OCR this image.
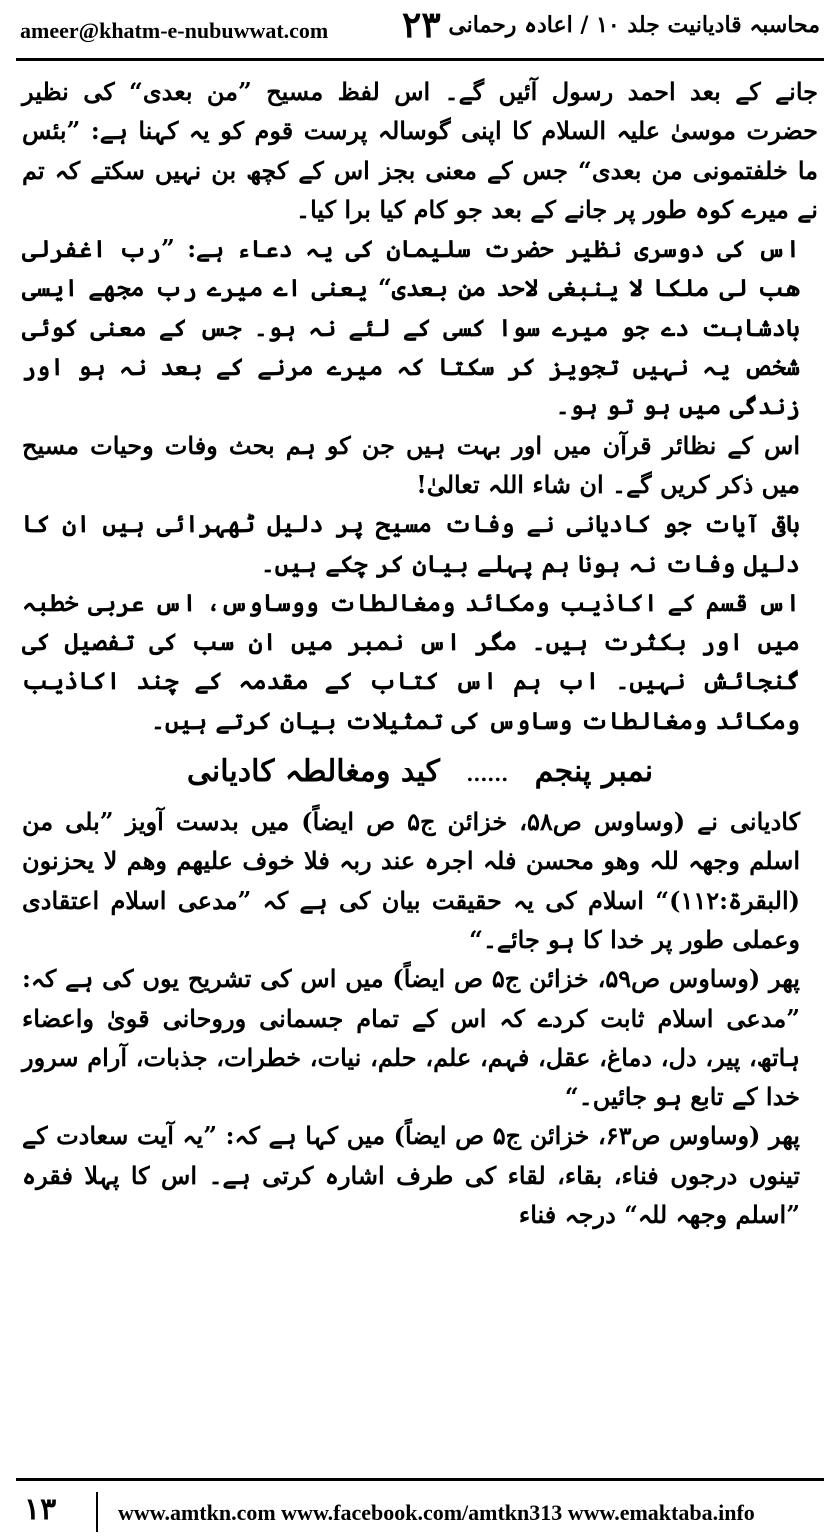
ameer@khatm-e-nubuwwat.com ۲۳ محاسبہ قادیانیت جلد ۱۰ / اعادہ رحمانی

جانے کے بعد احمد رسول آئیں گے۔ اس لفظ مسیح ”من بعدی“ کی نظیر حضرت موسیٰ علیہ السلام کا اپنی گوسالہ پرست قوم کو یہ کہنا ہے: ”بئس ما خلفتمونی من بعدی“ جس کے معنی بجز اس کے کچھ بن نہیں سکتے کہ تم نے میرے کوہ طور پر جانے کے بعد جو کام کیا برا کیا۔

اس کی دوسری نظیر حضرت سلیمان کی یہ دعاء ہے: ”رب اغفرلی ھب لی ملکا لا ینبغی لاحد من بعدی“ یعنی اے میرے رب مجھے ایسی بادشاہت دے جو میرے سوا کسی کے لئے نہ ہو۔ جس کے معنی کوئی شخص یہ نہیں تجویز کر سکتا کہ میرے مرنے کے بعد نہ ہو اور زندگی میں ہو تو ہو۔

اس کے نظائر قرآن میں اور بہت ہیں جن کو ہم بحث وفات وحیات مسیح میں ذکر کریں گے۔ ان شاء اللہ تعالیٰ!

باقی آیات جو کادیانی نے وفات مسیح پر دلیل ٹھہرائی ہیں ان کا دلیل وفات نہ ہونا ہم پہلے بیان کر چکے ہیں۔

اس قسم کے اکاذیب ومکائد ومغالطات ووساوس، اس عربی خطبہ میں اور بکثرت ہیں۔ مگر اس نمبر میں ان سب کی تفصیل کی گنجائش نہیں۔ اب ہم اس کتاب کے مقدمہ کے چند اکاذیب ومکائد ومغالطات وساوس کی تمثیلات بیان کرتے ہیں۔

نمبر پنجم ...... کید ومغالطہ کادیانی

کادیانی نے (وساوس ص۵۸، خزائن ج۵ ص ایضاً) میں بدست آویز ”بلی من اسلم وجھہ للہ وھو محسن فلہ اجرہ عند ربہ فلا خوف علیھم وھم لا یحزنون (البقرۃ:۱۱۲)“ اسلام کی یہ حقیقت بیان کی ہے کہ ”مدعی اسلام اعتقادی وعملی طور پر خدا کا ہو جائے۔“

پھر (وساوس ص۵۹، خزائن ج۵ ص ایضاً) میں اس کی تشریح یوں کی ہے کہ: ”مدعی اسلام ثابت کردے کہ اس کے تمام جسمانی وروحانی قویٰ واعضاء ہاتھ، پیر، دل، دماغ، عقل، فہم، علم، حلم، نیات، خطرات، جذبات، آرام سرور خدا کے تابع ہو جائیں۔“

پھر (وساوس ص۶۳، خزائن ج۵ ص ایضاً) میں کہا ہے کہ: ”یہ آیت سعادت کے تینوں درجوں فناء، بقاء، لقاء کی طرف اشارہ کرتی ہے۔ اس کا پہلا فقرہ ”اسلم وجھہ للہ“ درجہ فناء

۱۳	www.amtkn.com www.facebook.com/amtkn313 www.emaktaba.info
